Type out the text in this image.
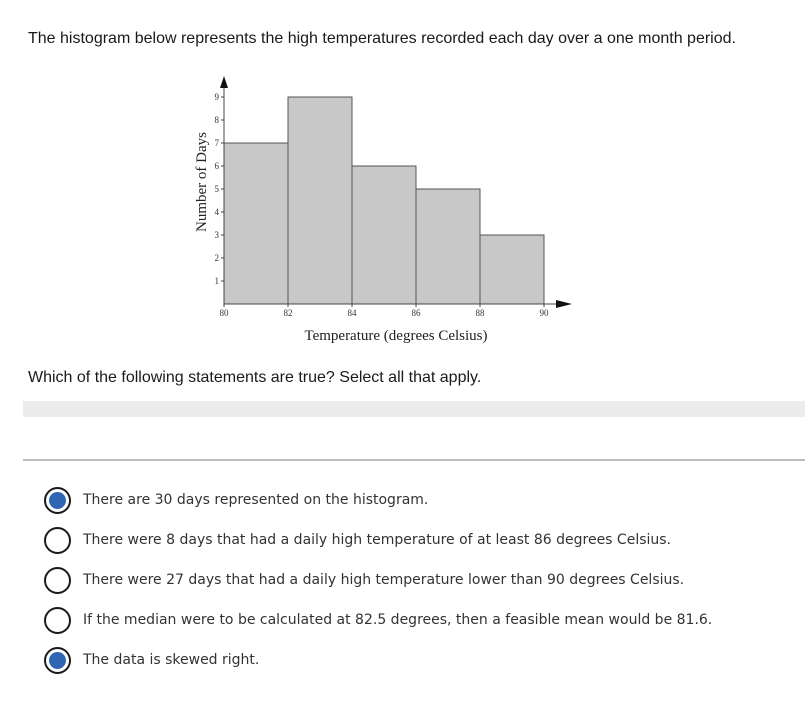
The histogram below represents the high temperatures recorded each day over a one month period.
1
2
3
4
5
6
7
8
9
80	82	84	86	88	90
Temperature (degrees Celsius)
Number of Days
Which of the following statements are true? Select all that apply.
There are 30 days represented on the histogram.
There were 8 days that had a daily high temperature of at least 86 degrees Celsius.
There were 27 days that had a daily high temperature lower than 90 degrees Celsius.
If the median were to be calculated at 82.5 degrees, then a feasible mean would be 81.6.
The data is skewed right.
